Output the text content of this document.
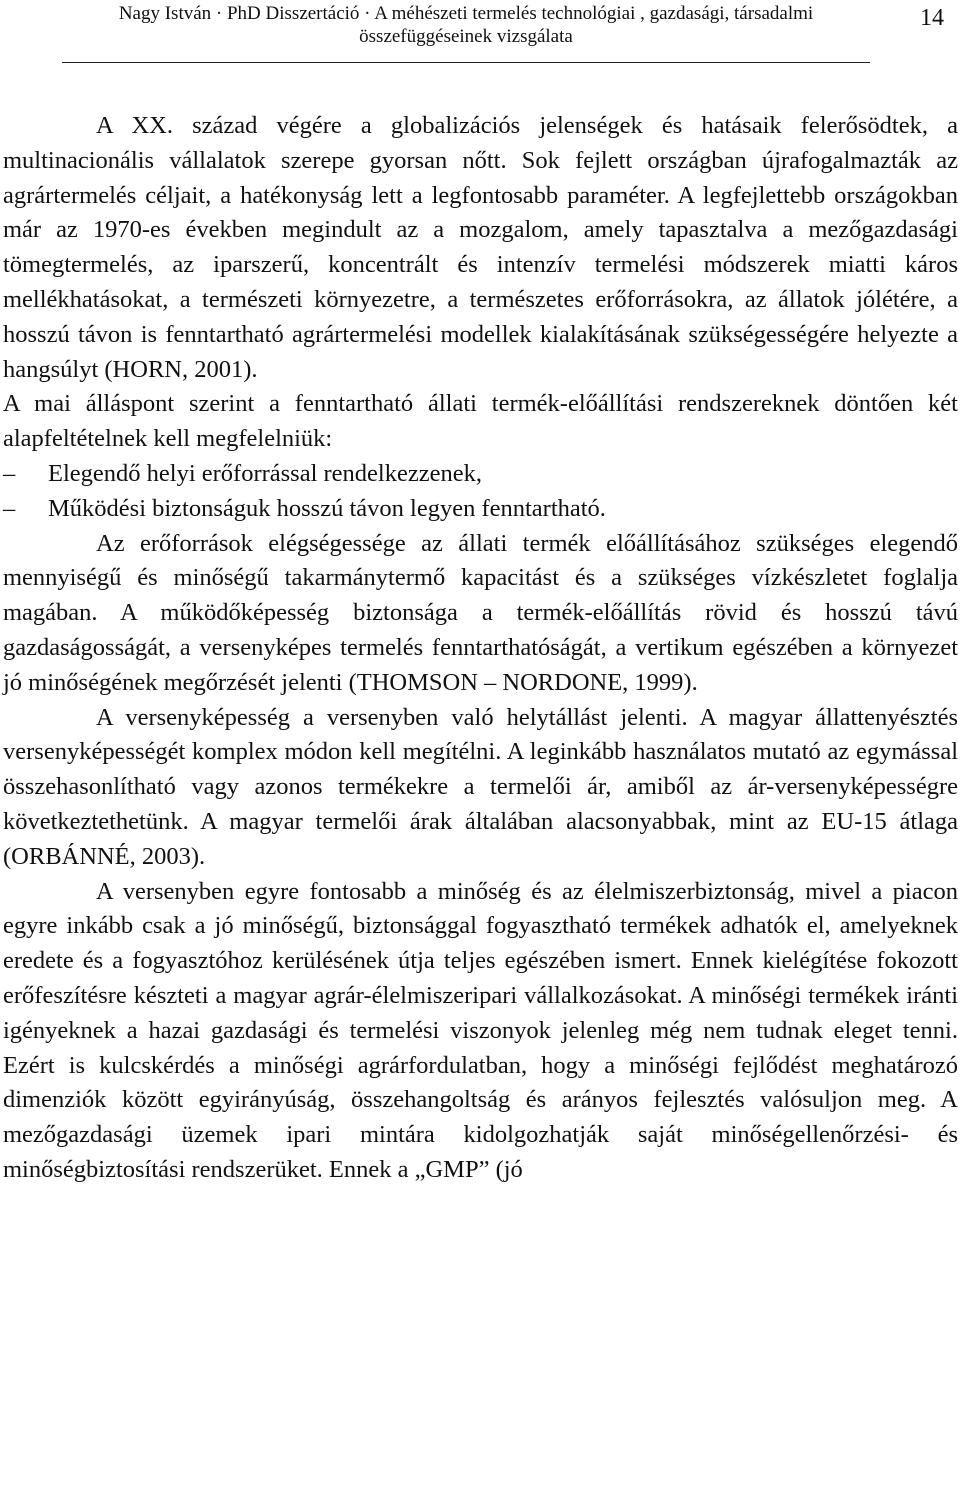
Nagy István · PhD Disszertáció · A méhészeti termelés technológiai , gazdasági, társadalmi összefüggéseinek vizsgálata
14

A XX. század végére a globalizációs jelenségek és hatásaik felerősödtek, a multinacionális vállalatok szerepe gyorsan nőtt. Sok fejlett országban újrafogalmazták az agrártermelés céljait, a hatékonyság lett a legfontosabb paraméter. A legfejlettebb országokban már az 1970-es években megindult az a mozgalom, amely tapasztalva a mezőgazdasági tömegtermelés, az iparszerű, koncentrált és intenzív termelési módszerek miatti káros mellékhatásokat, a természeti környezetre, a természetes erőforrásokra, az állatok jólétére, a hosszú távon is fenntartható agrártermelési modellek kialakításának szükségességére helyezte a hangsúlyt (HORN, 2001).

A mai álláspont szerint a fenntartható állati termék-előállítási rendszereknek döntően két alapfeltételnek kell megfelelniük:

–	Elegendő helyi erőforrással rendelkezzenek,
–	Működési biztonságuk hosszú távon legyen fenntartható.

Az erőforrások elégségessége az állati termék előállításához szükséges elegendő mennyiségű és minőségű takarmánytermő kapacitást és a szükséges vízkészletet foglalja magában. A működőképesség biztonsága a termék-előállítás rövid és hosszú távú gazdaságosságát, a versenyképes termelés fenntarthatóságát, a vertikum egészében a környezet jó minőségének megőrzését jelenti (THOMSON – NORDONE, 1999).

A versenyképesség a versenyben való helytállást jelenti. A magyar állattenyésztés versenyképességét komplex módon kell megítélni. A leginkább használatos mutató az egymással összehasonlítható vagy azonos termékekre a termelői ár, amiből az ár-versenyképességre következtethetünk. A magyar termelői árak általában alacsonyabbak, mint az EU-15 átlaga (ORBÁNNÉ, 2003).

A versenyben egyre fontosabb a minőség és az élelmiszerbiztonság, mivel a piacon egyre inkább csak a jó minőségű, biztonsággal fogyasztható termékek adhatók el, amelyeknek eredete és a fogyasztóhoz kerülésének útja teljes egészében ismert. Ennek kielégítése fokozott erőfeszítésre készteti a magyar agrár-élelmiszeripari vállalkozásokat. A minőségi termékek iránti igényeknek a hazai gazdasági és termelési viszonyok jelenleg még nem tudnak eleget tenni. Ezért is kulcskérdés a minőségi agrárfordulatban, hogy a minőségi fejlődést meghatározó dimenziók között egyirányúság, összehangoltság és arányos fejlesztés valósuljon meg. A mezőgazdasági üzemek ipari mintára kidolgozhatják saját minőségellenőrzési- és minőségbiztosítási rendszerüket. Ennek a „GMP” (jó
